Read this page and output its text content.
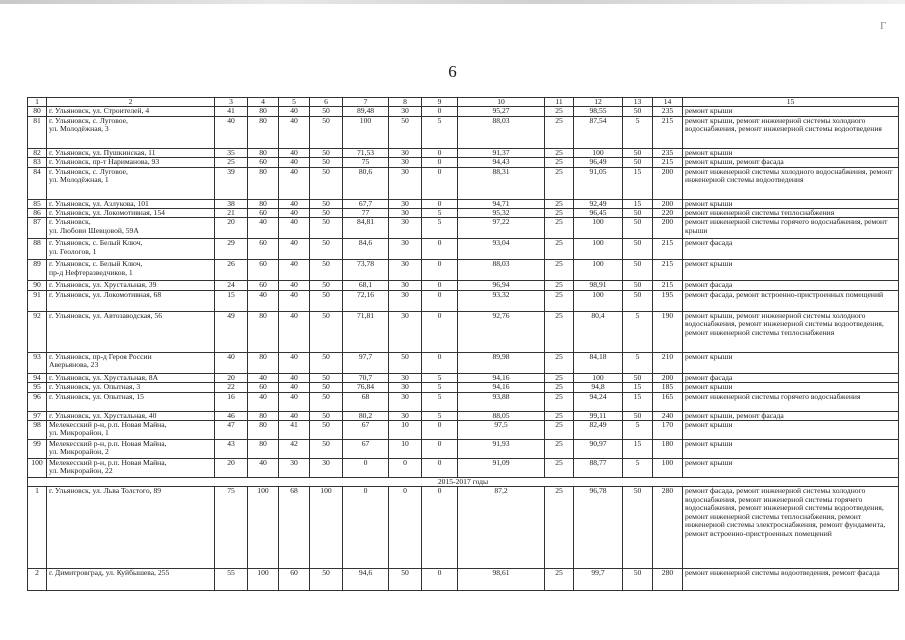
Г
6
1	2	3	4	5	6	7	8	9	10	11	12	13	14	15
80	г. Ульяновск, ул. Строителей, 4	41	80	40	50	89,48	30	0	95,27	25	98,55	50	235	ремонт крыши
81	г. Ульяновск, с. Луговое,
ул. Молодёжная, 3	40	80	40	50	100	50	5	88,03	25	87,54	5	215	ремонт крыши, ремонт инженерной системы холодного водоснабжения, ремонт инженерной системы водоотведения
82	г. Ульяновск, ул. Пушкинская, 11	35	80	40	50	71,53	30	0	91,37	25	100	50	235	ремонт крыши
83	г. Ульяновск, пр-т Нариманова, 93	25	60	40	50	75	30	0	94,43	25	96,49	50	215	ремонт крыши, ремонт фасада
84	г. Ульяновск, с. Луговое,
ул. Молодёжная, 1	39	80	40	50	80,6	30	0	88,31	25	91,05	15	200	ремонт инженерной системы холодного водоснабжения, ремонт инженерной системы водоотведения
85	г. Ульяновск, ул. Азлукова, 101	38	80	40	50	67,7	30	0	94,71	25	92,49	15	200	ремонт крыши
86	г. Ульяновск, ул. Локомотивная, 154	21	60	40	50	77	30	5	95,32	25	96,45	50	220	ремонт инженерной системы теплоснабжения
87	г. Ульяновск,
ул. Любови Шевцовой, 59А	20	40	40	50	84,81	30	5	97,22	25	100	50	200	ремонт инженерной системы горячего водоснабжения, ремонт крыши
88	г. Ульяновск, с. Белый Ключ,
ул. Геологов, 1	29	60	40	50	84,6	30	0	93,04	25	100	50	215	ремонт фасада
89	г. Ульяновск, с. Белый Ключ,
пр-д Нефтеразведчиков, 1	26	60	40	50	73,78	30	0	88,03	25	100	50	215	ремонт крыши
90	г. Ульяновск, ул. Хрустальная, 39	24	60	40	50	68,1	30	0	96,94	25	98,91	50	215	ремонт фасада
91	г. Ульяновск, ул. Локомотивная, 68	15	40	40	50	72,16	30	0	93,32	25	100	50	195	ремонт фасада, ремонт встроенно-пристроенных помещений
92	г. Ульяновск, ул. Автозаводская, 56	49	80	40	50	71,81	30	0	92,76	25	80,4	5	190	ремонт крыши, ремонт инженерной системы холодного водоснабжения, ремонт инженерной системы водоотведения, ремонт инженерной системы теплоснабжения
93	г. Ульяновск, пр-д Героя России
Аверьянова, 23	40	80	40	50	97,7	50	0	89,98	25	84,18	5	210	ремонт крыши
94	г. Ульяновск, ул. Хрустальная, 8А	20	40	40	50	70,7	30	5	94,16	25	100	50	200	ремонт фасада
95	г. Ульяновск, ул. Опытная, 3	22	60	40	50	76,84	30	5	94,16	25	94,8	15	185	ремонт крыши
96	г. Ульяновск, ул. Опытная, 15	16	40	40	50	68	30	5	93,88	25	94,24	15	165	ремонт инженерной системы горячего водоснабжения
97	г. Ульяновск, ул. Хрустальная, 40	46	80	40	50	80,2	30	5	88,05	25	99,11	50	240	ремонт крыши, ремонт фасада
98	Мелекесский р-н, р.п. Новая Майна,
ул. Микрорайон, 1	47	80	41	50	67	10	0	97,5	25	82,49	5	170	ремонт крыши
99	Мелекесский р-н, р.п. Новая Майна,
ул. Микрорайон, 2	43	80	42	50	67	10	0	91,93	25	90,97	15	180	ремонт крыши
100	Мелекесский р-н, р.п. Новая Майна,
ул. Микрорайон, 22	20	40	30	30	0	0	0	91,09	25	88,77	5	100	ремонт крыши
2015-2017 годы														
1	г. Ульяновск, ул. Льва Толстого, 89	75	100	68	100	0	0	0	87,2	25	96,78	50	280	ремонт фасада, ремонт инженерной системы холодного водоснабжения, ремонт инженерной системы горячего водоснабжения, ремонт инженерной системы водоотведения, ремонт инженерной системы теплоснабжения, ремонт инженерной системы электроснабжения, ремонт фундамента, ремонт встроенно-пристроенных помещений
2	г. Димитровград, ул. Куйбышева, 255	55	100	60	50	94,6	50	0	98,61	25	99,7	50	280	ремонт инженерной системы водоотведения, ремонт фасада
